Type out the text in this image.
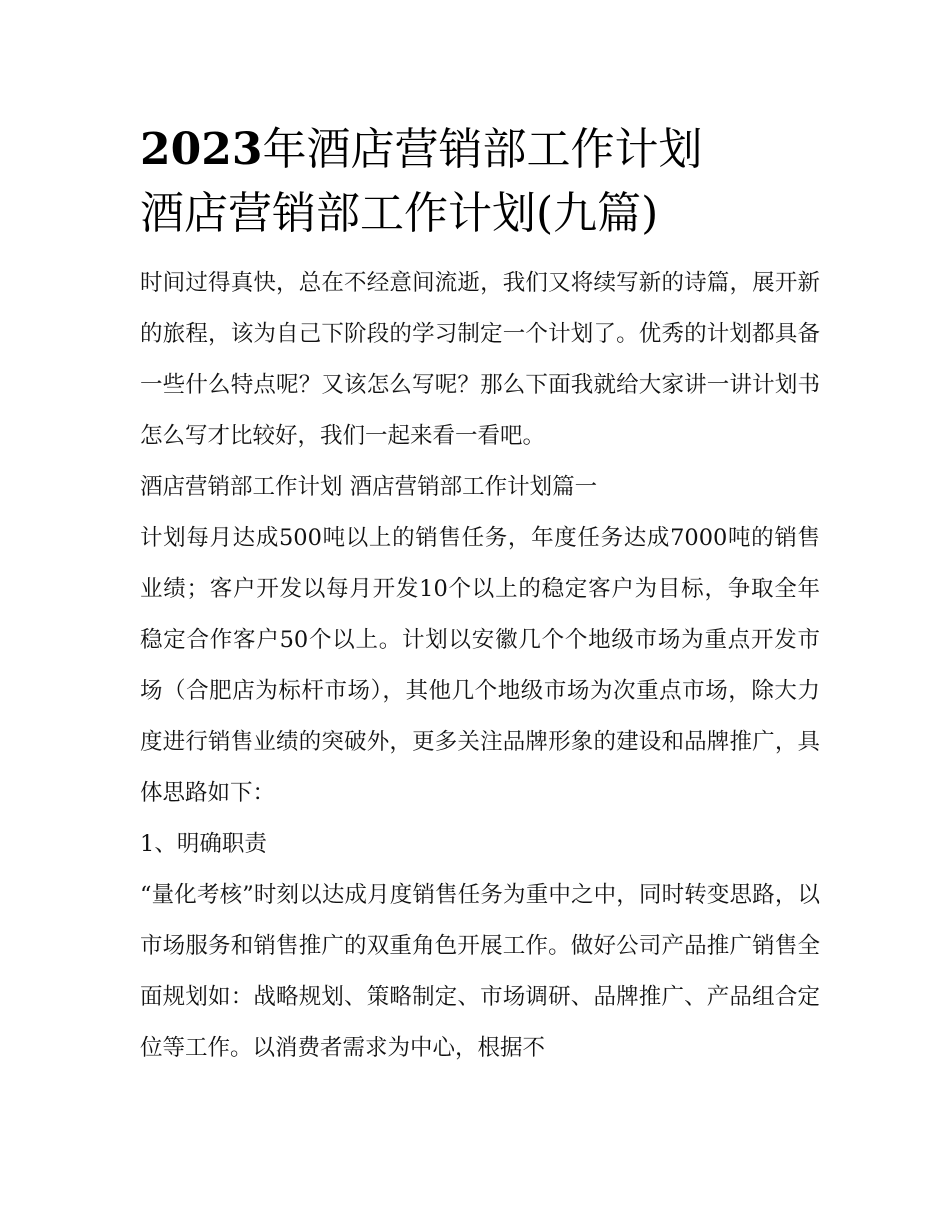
2023年酒店营销部工作计划
酒店营销部工作计划(九篇)

时间过得真快，总在不经意间流逝，我们又将续写新的诗篇，展开新的旅程，该为自己下阶段的学习制定一个计划了。优秀的计划都具备一些什么特点呢？又该怎么写呢？那么下面我就给大家讲一讲计划书怎么写才比较好，我们一起来看一看吧。

酒店营销部工作计划 酒店营销部工作计划篇一

计划每月达成500吨以上的销售任务，年度任务达成7000吨的销售业绩；客户开发以每月开发10个以上的稳定客户为目标，争取全年稳定合作客户50个以上。计划以安徽几个个地级市场为重点开发市场（合肥店为标杆市场），其他几个地级市场为次重点市场，除大力度进行销售业绩的突破外，更多关注品牌形象的建设和品牌推广，具体思路如下：

1、明确职责

“量化考核”时刻以达成月度销售任务为重中之中，同时转变思路，以市场服务和销售推广的双重角色开展工作。做好公司产品推广销售全面规划如：战略规划、策略制定、市场调研、品牌推广、产品组合定位等工作。以消费者需求为中心，根据不
